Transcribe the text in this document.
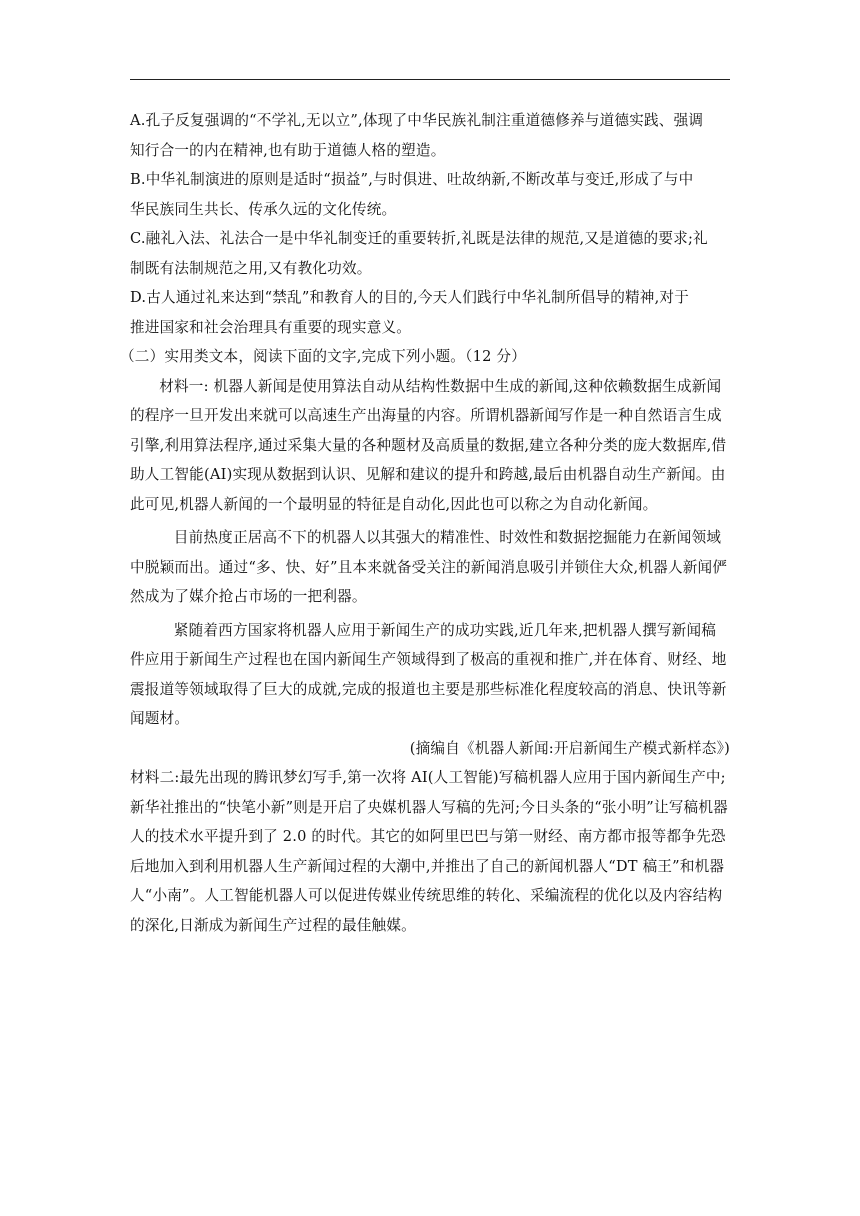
A.孔子反复强调的“不学礼,无以立”,体现了中华民族礼制注重道德修养与道德实践、强调

知行合一的内在精神,也有助于道德人格的塑造。

B.中华礼制演进的原则是适时“损益”,与时俱进、吐故纳新,不断改革与变迁,形成了与中

华民族同生共长、传承久远的文化传统。

C.融礼入法、礼法合一是中华礼制变迁的重要转折,礼既是法律的规范,又是道德的要求;礼

制既有法制规范之用,又有教化功效。

D.古人通过礼来达到“禁乱”和教育人的目的,今天人们践行中华礼制所倡导的精神,对于

推进国家和社会治理具有重要的现实意义。

（二）实用类文本，阅读下面的文字,完成下列小题。（12 分）

材料一: 机器人新闻是使用算法自动从结构性数据中生成的新闻,这种依赖数据生成新闻的程序一旦开发出来就可以高速生产出海量的内容。所谓机器新闻写作是一种自然语言生成引擎,利用算法程序,通过采集大量的各种题材及高质量的数据,建立各种分类的庞大数据库,借助人工智能(AI)实现从数据到认识、见解和建议的提升和跨越,最后由机器自动生产新闻。由此可见,机器人新闻的一个最明显的特征是自动化,因此也可以称之为自动化新闻。

目前热度正居高不下的机器人以其强大的精准性、时效性和数据挖掘能力在新闻领域中脱颖而出。通过“多、快、好”且本来就备受关注的新闻消息吸引并锁住大众,机器人新闻俨然成为了媒介抢占市场的一把利器。

紧随着西方国家将机器人应用于新闻生产的成功实践,近几年来,把机器人撰写新闻稿件应用于新闻生产过程也在国内新闻生产领域得到了极高的重视和推广,并在体育、财经、地震报道等领域取得了巨大的成就,完成的报道也主要是那些标准化程度较高的消息、快讯等新闻题材。

(摘编自《机器人新闻:开启新闻生产模式新样态》)

材料二:最先出现的腾讯梦幻写手,第一次将 AI(人工智能)写稿机器人应用于国内新闻生产中;新华社推出的“快笔小新”则是开启了央媒机器人写稿的先河;今日头条的“张小明”让写稿机器人的技术水平提升到了 2.0 的时代。其它的如阿里巴巴与第一财经、南方都市报等都争先恐后地加入到利用机器人生产新闻过程的大潮中,并推出了自己的新闻机器人“DT 稿王”和机器人“小南”。人工智能机器人可以促进传媒业传统思维的转化、采编流程的优化以及内容结构的深化,日渐成为新闻生产过程的最佳触媒。
